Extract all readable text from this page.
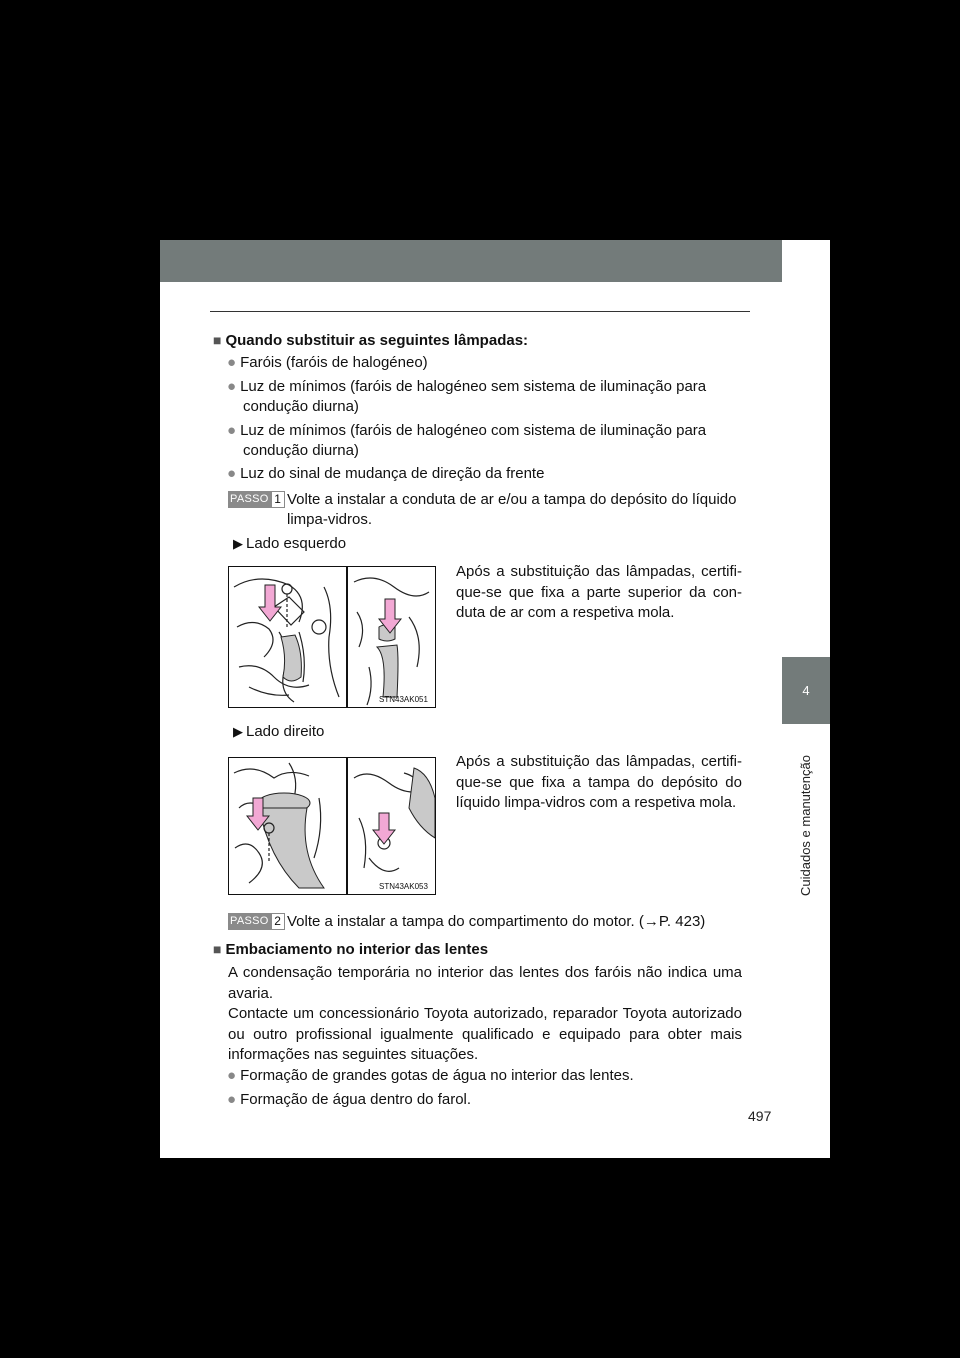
4
Cuidados e manutenção
■ Quando substituir as seguintes lâmpadas:
● Faróis (faróis de halogéneo)
● Luz de mínimos (faróis de halogéneo sem sistema de iluminação para
condução diurna)
● Luz de mínimos (faróis de halogéneo com sistema de iluminação para
condução diurna)
● Luz do sinal de mudança de direção da frente
PASSO 1 Volte a instalar a conduta de ar e/ou a tampa do depósito do líquido
limpa-vidros.
▶ Lado esquerdo
STN43AK051
Após a substituição das lâmpadas, certifi-que-se que fixa a parte superior da con-duta de ar com a respetiva mola.
▶ Lado direito
STN43AK053
Após a substituição das lâmpadas, certifi-que-se que fixa a tampa do depósito do líquido limpa-vidros com a respetiva mola.
PASSO 2 Volte a instalar a tampa do compartimento do motor. (→P. 423)
■ Embaciamento no interior das lentes
A condensação temporária no interior das lentes dos faróis não indica uma avaria.
Contacte um concessionário Toyota autorizado, reparador Toyota autorizado ou outro profissional igualmente qualificado e equipado para obter mais informações nas seguintes situações.
● Formação de grandes gotas de água no interior das lentes.
● Formação de água dentro do farol.
497
